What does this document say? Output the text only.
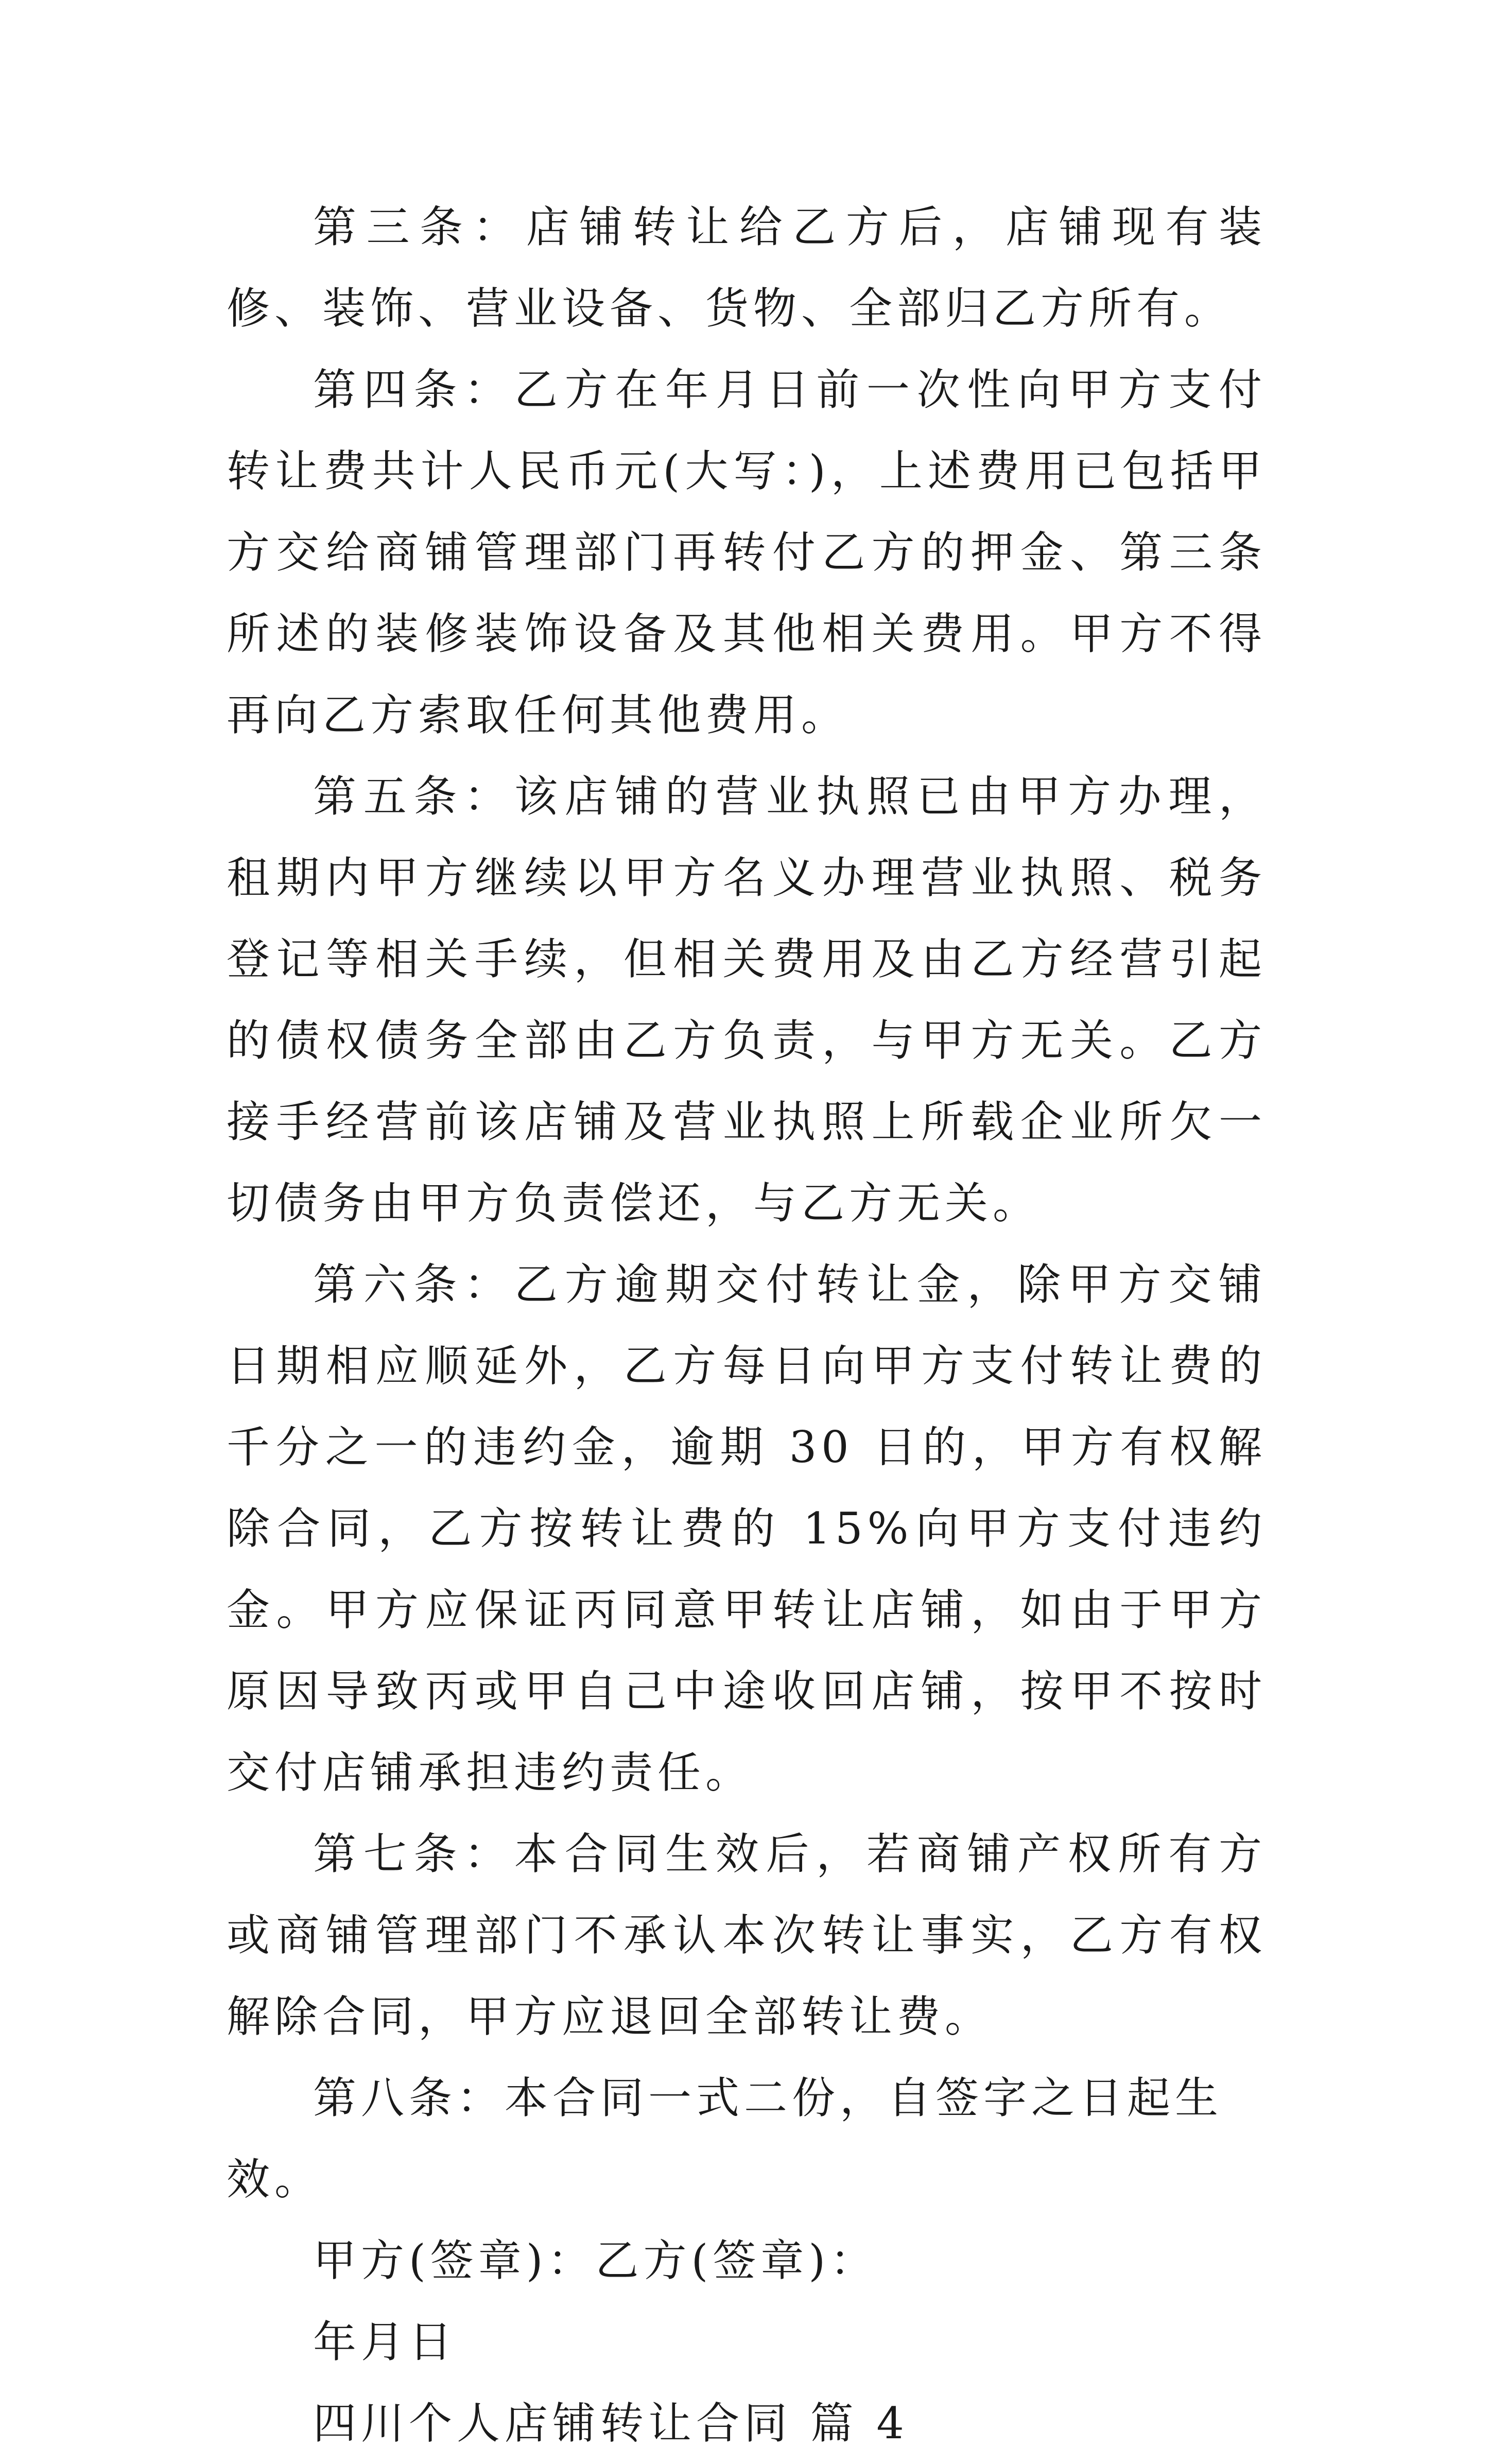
第三条：店铺转让给乙方后，店铺现有装修、装饰、营业设备、货物、全部归乙方所有。

第四条：乙方在年月日前一次性向甲方支付转让费共计人民币元(大写：)，上述费用已包括甲方交给商铺管理部门再转付乙方的押金、第三条所述的装修装饰设备及其他相关费用。甲方不得再向乙方索取任何其他费用。

第五条：该店铺的营业执照已由甲方办理，租期内甲方继续以甲方名义办理营业执照、税务登记等相关手续，但相关费用及由乙方经营引起的债权债务全部由乙方负责，与甲方无关。乙方接手经营前该店铺及营业执照上所载企业所欠一切债务由甲方负责偿还，与乙方无关。

第六条：乙方逾期交付转让金，除甲方交铺日期相应顺延外，乙方每日向甲方支付转让费的千分之一的违约金，逾期 30 日的，甲方有权解除合同，乙方按转让费的 15%向甲方支付违约金。甲方应保证丙同意甲转让店铺，如由于甲方原因导致丙或甲自己中途收回店铺，按甲不按时交付店铺承担违约责任。

第七条：本合同生效后，若商铺产权所有方或商铺管理部门不承认本次转让事实，乙方有权解除合同，甲方应退回全部转让费。

第八条：本合同一式二份，自签字之日起生效。

甲方(签章)：乙方(签章)：

年月日

四川个人店铺转让合同 篇 4
